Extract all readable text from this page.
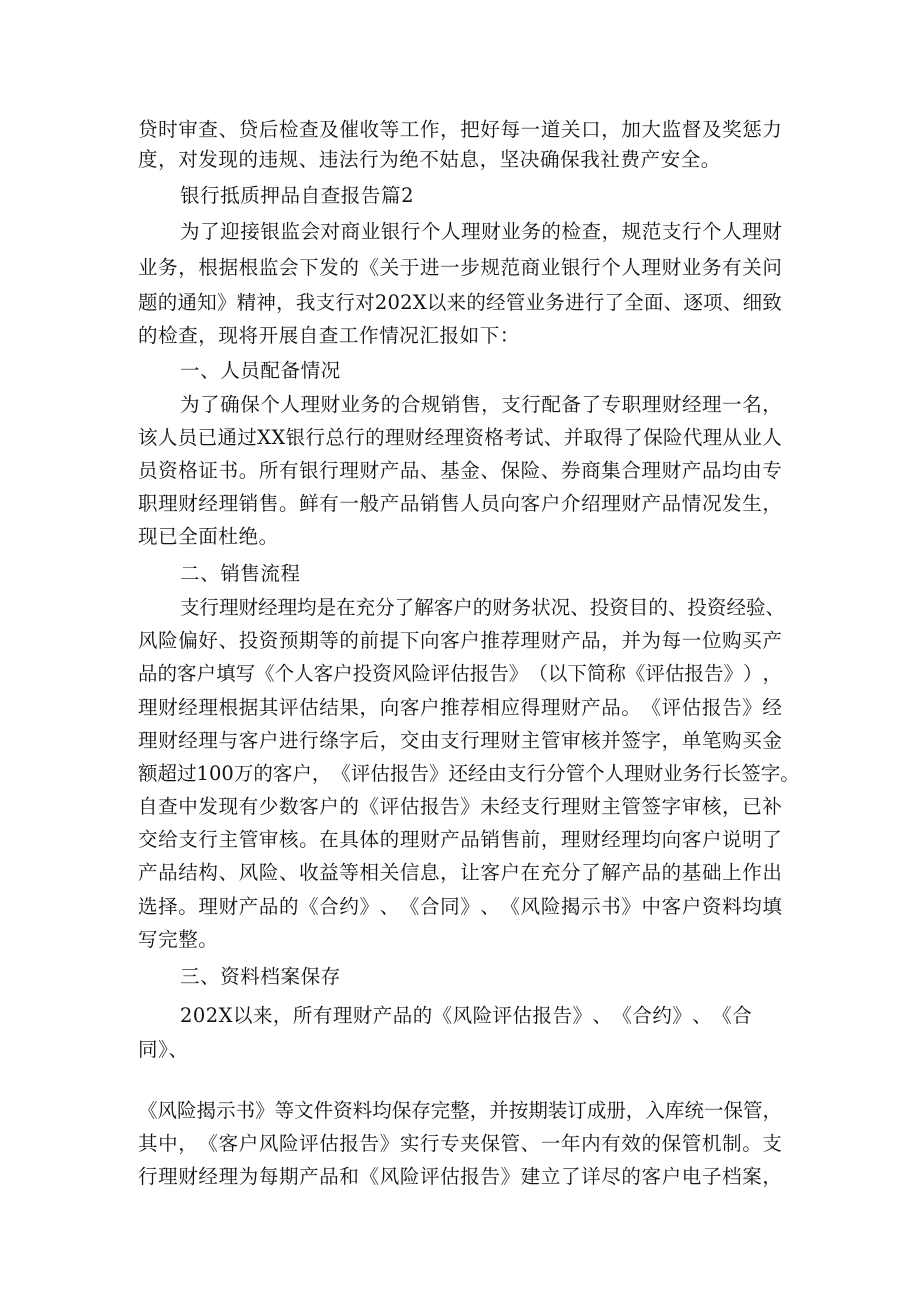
贷 时 审 查 、 贷 后 检 查 及 催 收 等 工 作 ， 把 好 每 一 道 关 口 ， 加 大 监 督 及 奖 惩 力
度，对发现的违规、违法行为绝不姑息，坚决确保我社费产安全。
银行抵质押品自查报告篇2
为 了 迎 接 银 监 会 对 商 业 银 行 个 人 理 财 业 务 的 检 查 ， 规 范 支 行 个 人 理 财
业 务 ， 根 据 根 监 会 下 发 的 《 关 于 进 一 步 规 范 商 业 银 行 个 人 理 财 业 务 有 关 问
题 的 通 知 》 精 神 ， 我 支 行 对 2 0 2 X 以 来 的 经 管 业 务 进 行 了 全 面 、 逐 项 、 细 致
的检查，现将开展自查工作情况汇报如下：
一、人员配备情况
为 了 确 保 个 人 理 财 业 务 的 合 规 销 售 ， 支 行 配 备 了 专 职 理 财 经 理 一 名 ，
该 人 员 已 通 过 X X 银 行 总 行 的 理 财 经 理 资 格 考 试 、 并 取 得 了 保 险 代 理 从 业 人
员 资 格 证 书 。 所 有 银 行 理 财 产 品 、 基 金 、 保 险 、 券 商 集 合 理 财 产 品 均 由 专
职 理 财 经 理 销 售 。 鲜 有 一 般 产 品 销 售 人 员 向 客 户 介 绍 理 财 产 品 情 况 发 生 ，
现已全面杜绝。
二、销售流程
支 行 理 财 经 理 均 是 在 充 分 了 解 客 户 的 财 务 状 况 、 投 资 目 的 、 投 资 经 验 、
风 险 偏 好 、 投 资 预 期 等 的 前 提 下 向 客 户 推 荐 理 财 产 品 ， 并 为 每 一 位 购 买 产
品 的 客 户 填 写 《 个 人 客 户 投 资 风 险 评 估 报 告 》 （ 以 下 简 称 《 评 估 报 告 》 ） ，
理 财 经 理 根 据 其 评 估 结 果 ， 向 客 户 推 荐 相 应 得 理 财 产 品 。 《 评 估 报 告 》 经
理 财 经 理 与 客 户 进 行 绦 字 后 ， 交 由 支 行 理 财 主 管 审 核 并 签 字 ， 单 笔 购 买 金
额 超 过 1 0 0 万 的 客 户 ， 《 评 估 报 告 》 还 经 由 支 行 分 管 个 人 理 财 业 务 行 长 签 字 。
自 查 中 发 现 有 少 数 客 户 的 《 评 估 报 告 》 未 经 支 行 理 财 主 管 签 字 审 核 ， 已 补
交 给 支 行 主 管 审 核 。 在 具 体 的 理 财 产 品 销 售 前 ， 理 财 经 理 均 向 客 户 说 明 了
产 品 结 构 、 风 险 、 收 益 等 相 关 信 息 ， 让 客 户 在 充 分 了 解 产 品 的 基 础 上 作 出
选 择 。 理 财 产 品 的 《 合 约 》 、 《 合 同 》 、 《 风 险 揭 示 书 》 中 客 户 资 料 均 填
写完整。
三、资料档案保存
2 0 2 X 以 来 ， 所 有 理 财 产 品 的 《 风 险 评 估 报 告 》 、 《 合 约 》 、 《 合
同》、
《 风 险 揭 示 书 》 等 文 件 资 料 均 保 存 完 整 ， 并 按 期 装 订 成 册 ， 入 库 统 一 保 管 ，
其 中 ， 《 客 户 风 险 评 估 报 告 》 实 行 专 夹 保 管 、 一 年 内 有 效 的 保 管 机 制 。 支
行 理 财 经 理 为 每 期 产 品 和 《 风 险 评 估 报 告 》 建 立 了 详 尽 的 客 户 电 子 档 案 ，
